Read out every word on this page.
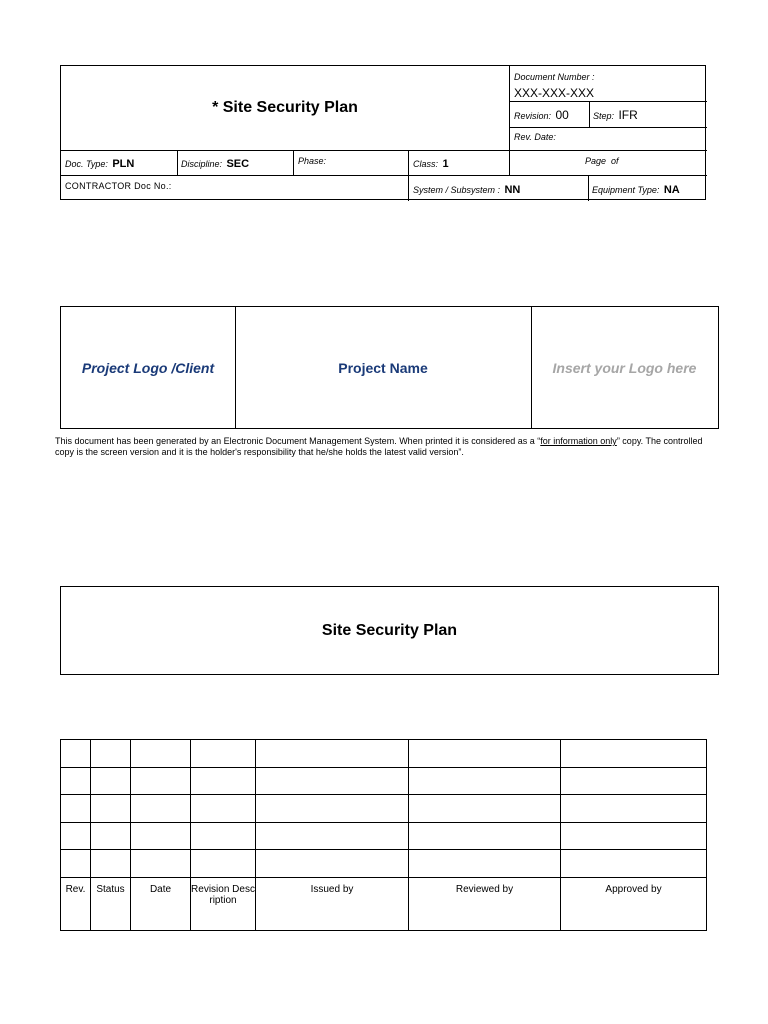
* Site Security Plan
Document Number :
XXX-XXX-XXX
Revision: 00	Step: IFR
Rev. Date:
Doc. Type: PLN	Discipline: SEC	Phase:	Class: 1	Page of
CONTRACTOR Doc No.:	System / Subsystem : NN	Equipment Type: NA
Project Logo /Client	Project Name	Insert your Logo here
This document has been generated by an Electronic Document Management System. When printed it is considered as a “for information only” copy. The controlled copy is the screen version and it is the holder's responsibility that he/she holds the latest valid version”.
Site Security Plan

Rev.	Status	Date	Revision Description	Issued by	Reviewed by	Approved by
